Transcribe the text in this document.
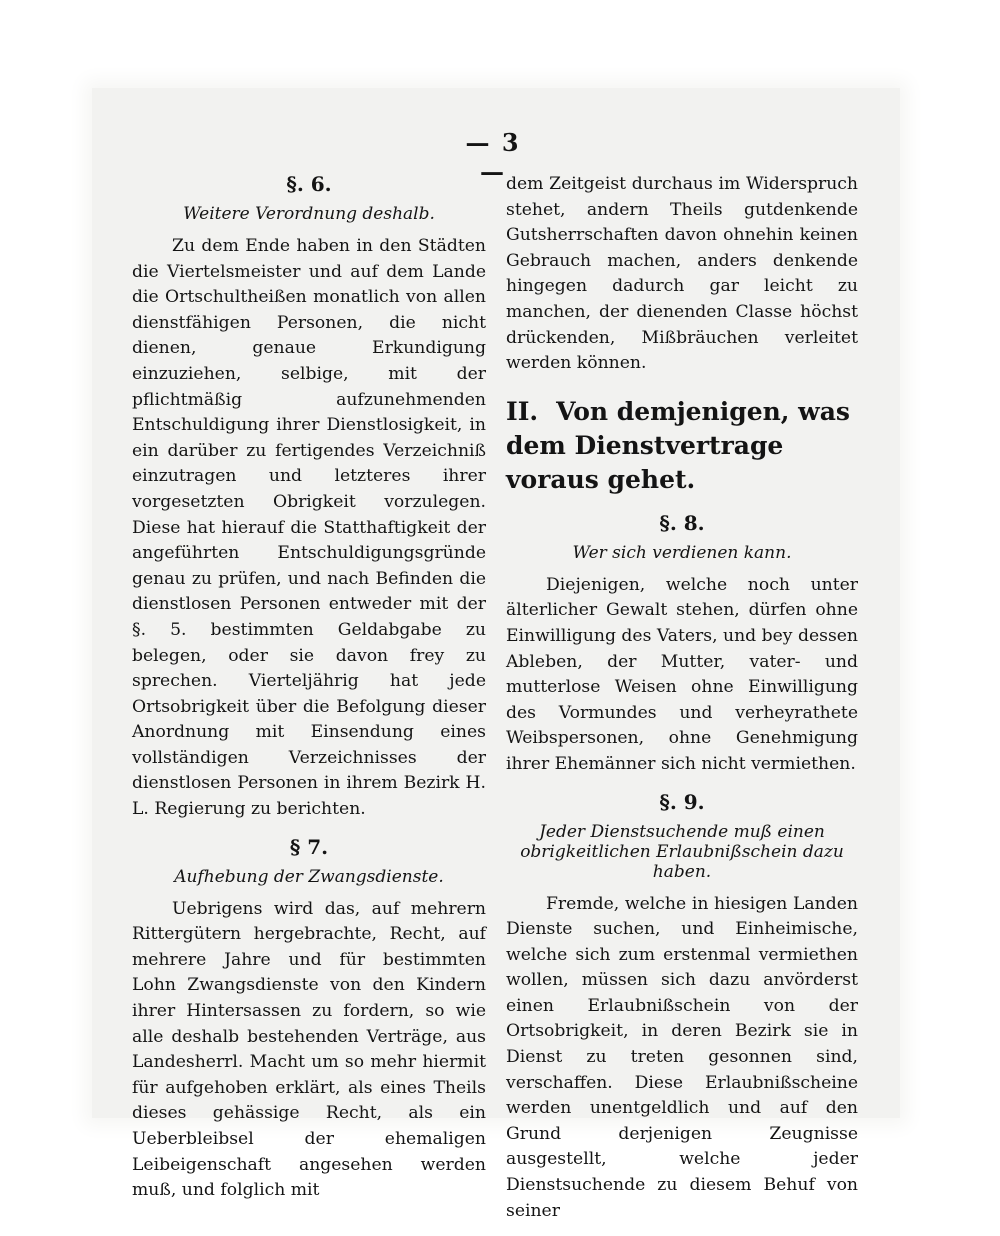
— 3 —
§. 6.
Weitere Verordnung deshalb.

Zu dem Ende haben in den Städten die Viertelsmeister und auf dem Lande die Ortschultheißen monatlich von allen dienstfähigen Personen, die nicht dienen, genaue Erkundigung einzuziehen, selbige, mit der pflichtmäßig aufzunehmenden Entschuldigung ihrer Dienstlosigkeit, in ein darüber zu fertigendes Verzeichniß einzutragen und letzteres ihrer vorgesetzten Obrigkeit vorzulegen. Diese hat hierauf die Statthaftigkeit der angeführten Entschuldigungsgründe genau zu prüfen, und nach Befinden die dienstlosen Personen entweder mit der §. 5. bestimmten Geldabgabe zu belegen, oder sie davon frey zu sprechen. Vierteljährig hat jede Ortsobrigkeit über die Befolgung dieser Anordnung mit Einsendung eines vollständigen Verzeichnisses der dienstlosen Personen in ihrem Bezirk H. L. Regierung zu berichten.

§ 7.
Aufhebung der Zwangsdienste.

Uebrigens wird das, auf mehrern Rittergütern hergebrachte, Recht, auf mehrere Jahre und für bestimmten Lohn Zwangsdienste von den Kindern ihrer Hintersassen zu fordern, so wie alle deshalb bestehenden Verträge, aus Landesherrl. Macht um so mehr hiermit für aufgehoben erklärt, als eines Theils dieses gehässige Recht, als ein Ueberbleibsel der ehemaligen Leibeigenschaft angesehen werden muß, und folglich mit

dem Zeitgeist durchaus im Widerspruch stehet, andern Theils gutdenkende Gutsherrschaften davon ohnehin keinen Gebrauch machen, anders denkende hingegen dadurch gar leicht zu manchen, der dienenden Classe höchst drückenden, Mißbräuchen verleitet werden können.

II. Von demjenigen, was dem Dienstvertrage voraus gehet.
§. 8.
Wer sich verdienen kann.

Diejenigen, welche noch unter älterlicher Gewalt stehen, dürfen ohne Einwilligung des Vaters, und bey dessen Ableben, der Mutter, vater- und mutterlose Weisen ohne Einwilligung des Vormundes und verheyrathete Weibspersonen, ohne Genehmigung ihrer Ehemänner sich nicht vermiethen.

§. 9.
Jeder Dienstsuchende muß einen obrigkeitlichen Erlaubnißschein dazu haben.

Fremde, welche in hiesigen Landen Dienste suchen, und Einheimische, welche sich zum erstenmal vermiethen wollen, müssen sich dazu anvörderst einen Erlaubnißschein von der Ortsobrigkeit, in deren Bezirk sie in Dienst zu treten gesonnen sind, verschaffen. Diese Erlaubnißscheine werden unentgeldlich und auf den Grund derjenigen Zeugnisse ausgestellt, welche jeder Dienstsuchende zu diesem Behuf von seiner
